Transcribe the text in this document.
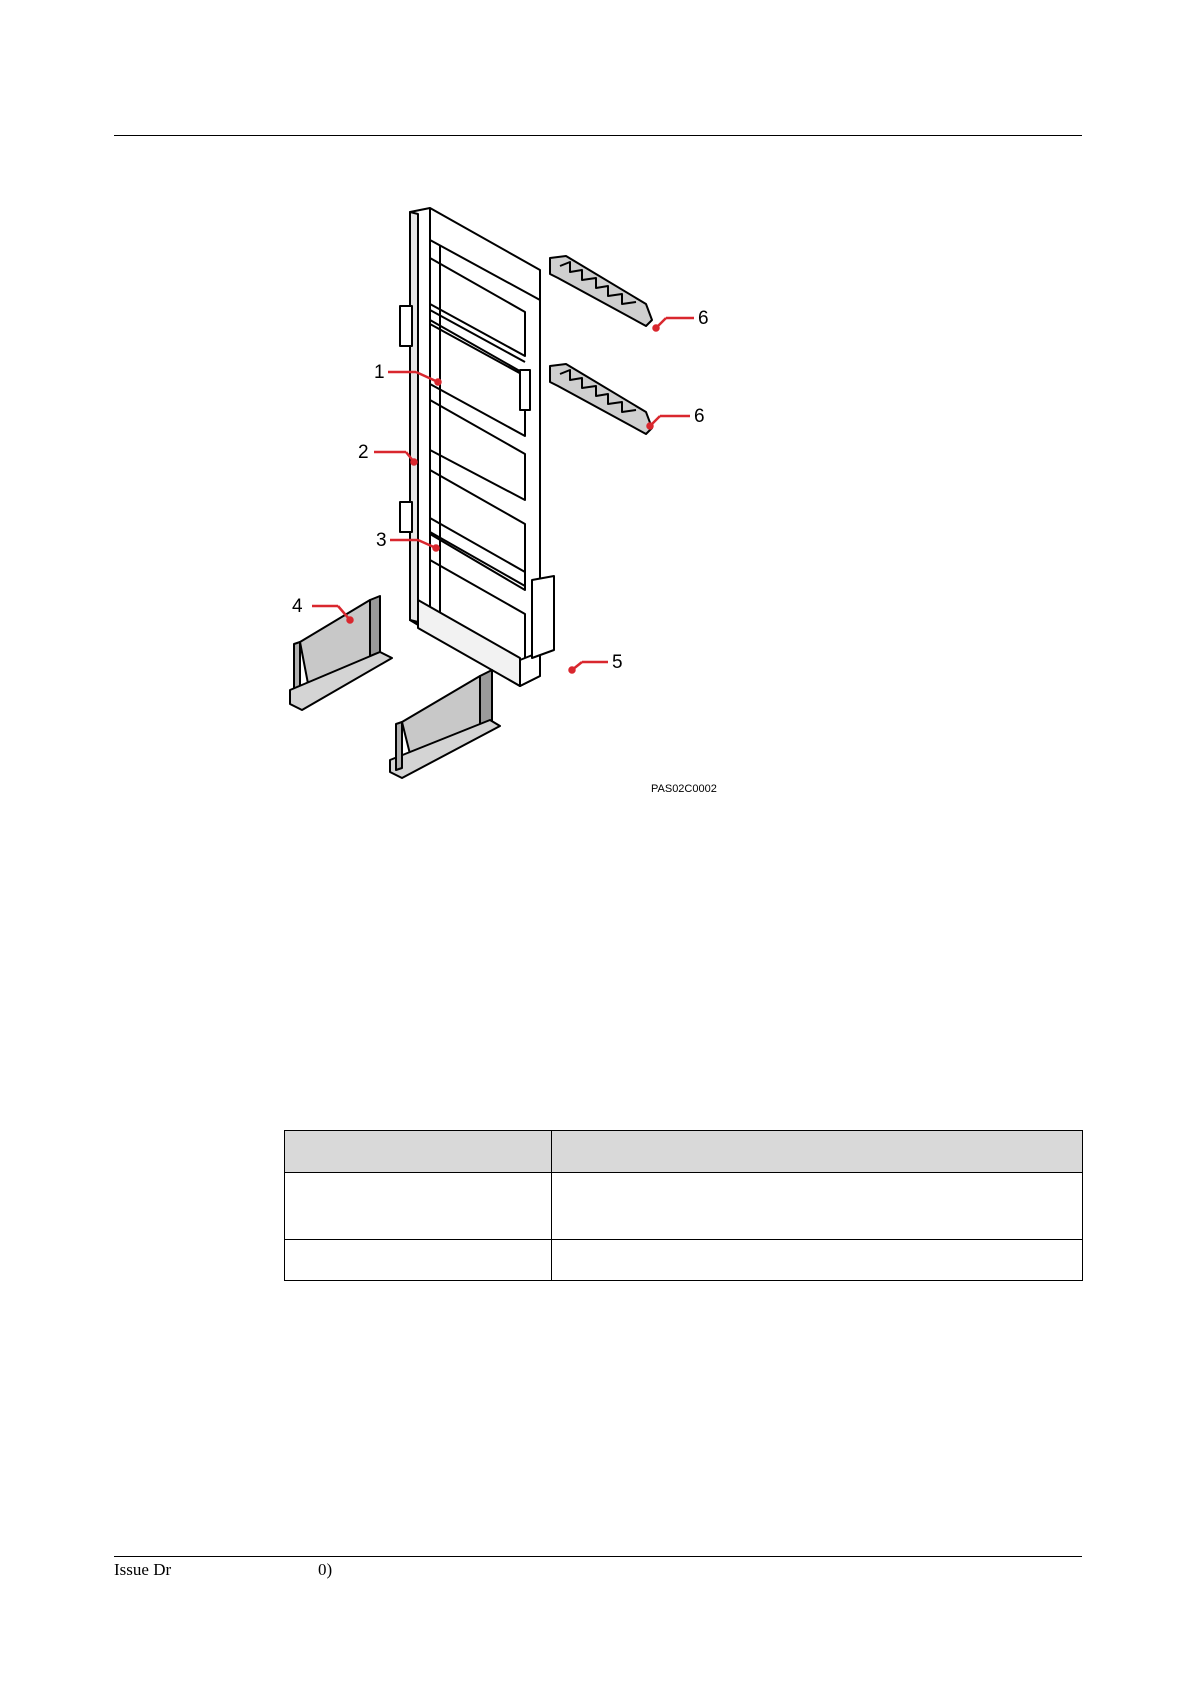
1
2
3
4
5
6
6
PAS02C0002

Issue Dr	0)
